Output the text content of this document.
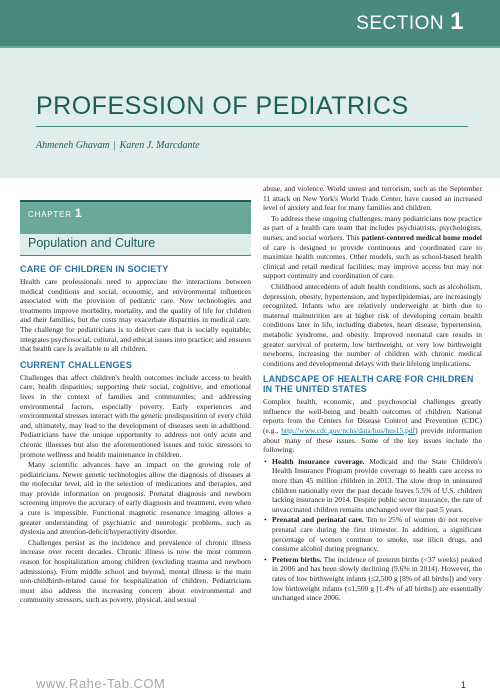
SECTION 1
PROFESSION OF PEDIATRICS
Ahmeneh Ghavam | Karen J. Marcdante
CHAPTER 1
Population and Culture
CARE OF CHILDREN IN SOCIETY

Health care professionals need to appreciate the interactions between medical conditions and social, economic, and environmental influences associated with the provision of pediatric care. New technologies and treatments improve morbidity, mortality, and the quality of life for children and their families, but the costs may exacerbate disparities in medical care. The challenge for pediatricians is to deliver care that is socially equitable; integrates psychosocial, cultural, and ethical issues into practice; and ensures that health care is available to all children.

CURRENT CHALLENGES

Challenges that affect children's health outcomes include access to health care; health disparities; supporting their social, cognitive, and emotional lives in the context of families and communities; and addressing environmental factors, especially poverty. Early experiences and environmental stresses interact with the genetic predisposition of every child and, ultimately, may lead to the development of diseases seen in adulthood. Pediatricians have the unique opportunity to address not only acute and chronic illnesses but also the aforementioned issues and toxic stressors to promote wellness and health maintenance in children.

Many scientific advances have an impact on the growing role of pediatricians. Newer genetic technologies allow the diagnosis of diseases at the molecular level, aid in the selection of medications and therapies, and may provide information on prognosis. Prenatal diagnosis and newborn screening improve the accuracy of early diagnosis and treatment, even when a cure is impossible. Functional magnetic resonance imaging allows a greater understanding of psychiatric and neurologic problems, such as dyslexia and attention-deficit/hyperactivity disorder.

Challenges persist as the incidence and prevalence of chronic illness increase over recent decades. Chronic illness is now the most common reason for hospitalization among children (excluding trauma and newborn admissions). From middle school and beyond, mental illness is the main non-childbirth-related cause for hospitalization of children. Pediatricians must also address the increasing concern about environmental and community stressors, such as poverty, physical, and sexual

abuse, and violence. World unrest and terrorism, such as the September 11 attack on New York's World Trade Center, have caused an increased level of anxiety and fear for many families and children.

To address these ongoing challenges, many pediatricians now practice as part of a health care team that includes psychiatrists, psychologists, nurses, and social workers. This patient-centered medical home model of care is designed to provide continuous and coordinated care to maximize health outcomes. Other models, such as school-based health clinical and retail medical facilities, may improve access but may not support continuity and coordination of care.

Childhood antecedents of adult health conditions, such as alcoholism, depression, obesity, hypertension, and hyperlipidemias, are increasingly recognized. Infants who are relatively underweight at birth due to maternal malnutrition are at higher risk of developing certain health conditions later in life, including diabetes, heart disease, hypertension, metabolic syndrome, and obesity. Improved neonatal care results in greater survival of preterm, low birthweight, or very low birthweight newborns, increasing the number of children with chronic medical conditions and developmental delays with their lifelong implications.

LANDSCAPE OF HEALTH CARE FOR CHILDREN IN THE UNITED STATES

Complex health, economic, and psychosocial challenges greatly influence the well-being and health outcomes of children. National reports from the Centers for Disease Control and Prevention (CDC) (e.g., http://www.cdc.gov/nchs/data/hus/hus15.pdf) provide information about many of these issues. Some of the key issues include the following:

• Health insurance coverage. Medicaid and the State Children's Health Insurance Program provide coverage to health care access to more than 45 million children in 2013. The slow drop in uninsured children nationally over the past decade leaves 5.5% of U.S. children lacking insurance in 2014. Despite public sector insurance, the rate of unvaccinated children remains unchanged over the past 5 years.
• Prenatal and perinatal care. Ten to 25% of women do not receive prenatal care during the first trimester. In addition, a significant percentage of women continue to smoke, use illicit drugs, and consume alcohol during pregnancy.
• Preterm births. The incidence of preterm births (<37 weeks) peaked in 2006 and has been slowly declining (9.6% in 2014). However, the rates of low birthweight infants (≤2,500 g [8% of all births]) and very low birthweight infants (≤1,500 g [1.4% of all births]) are essentially unchanged since 2006.
www.Rahe-Tab.COM	1
